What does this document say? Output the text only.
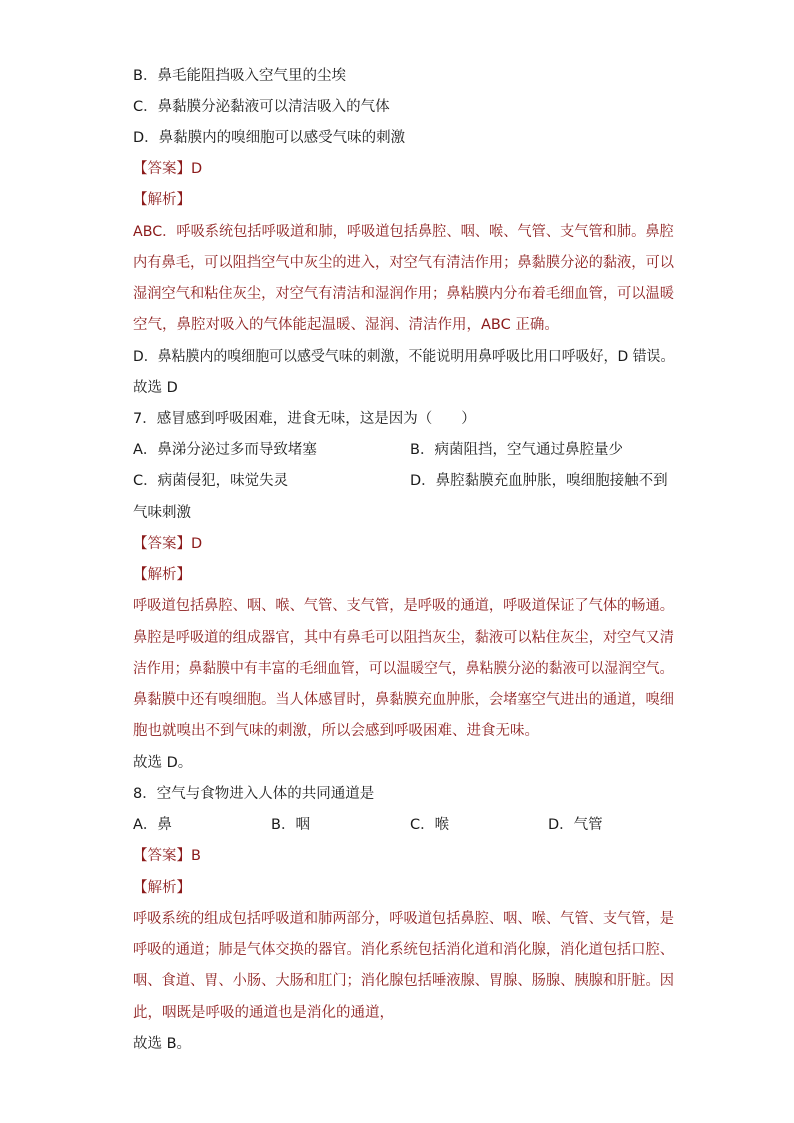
B．鼻毛能阻挡吸入空气里的尘埃
C．鼻黏膜分泌黏液可以清洁吸入的气体
D．鼻黏膜内的嗅细胞可以感受气味的刺激
【答案】D
【解析】
ABC．呼吸系统包括呼吸道和肺，呼吸道包括鼻腔、咽、喉、气管、支气管和肺。鼻腔
内有鼻毛，可以阻挡空气中灰尘的进入，对空气有清洁作用；鼻黏膜分泌的黏液，可以
湿润空气和粘住灰尘，对空气有清洁和湿润作用；鼻粘膜内分布着毛细血管，可以温暖
空气，鼻腔对吸入的气体能起温暖、湿润、清洁作用，ABC 正确。
D．鼻粘膜内的嗅细胞可以感受气味的刺激，不能说明用鼻呼吸比用口呼吸好，D 错误。
故选 D
7．感冒感到呼吸困难，进食无味，这是因为（　　）
A．鼻涕分泌过多而导致堵塞	B．病菌阻挡，空气通过鼻腔量少
C．病菌侵犯，味觉失灵	D．鼻腔黏膜充血肿胀，嗅细胞接触不到
气味刺激
【答案】D
【解析】
呼吸道包括鼻腔、咽、喉、气管、支气管，是呼吸的通道，呼吸道保证了气体的畅通。
鼻腔是呼吸道的组成器官，其中有鼻毛可以阻挡灰尘，黏液可以粘住灰尘，对空气又清
洁作用；鼻黏膜中有丰富的毛细血管，可以温暖空气，鼻粘膜分泌的黏液可以湿润空气。
鼻黏膜中还有嗅细胞。当人体感冒时，鼻黏膜充血肿胀，会堵塞空气进出的通道，嗅细
胞也就嗅出不到气味的刺激，所以会感到呼吸困难、进食无味。
故选 D。
8．空气与食物进入人体的共同通道是
A．鼻	B．咽	C．喉	D．气管
【答案】B
【解析】
呼吸系统的组成包括呼吸道和肺两部分，呼吸道包括鼻腔、咽、喉、气管、支气管，是
呼吸的通道；肺是气体交换的器官。消化系统包括消化道和消化腺，消化道包括口腔、
咽、食道、胃、小肠、大肠和肛门；消化腺包括唾液腺、胃腺、肠腺、胰腺和肝脏。因
此，咽既是呼吸的通道也是消化的通道，
故选 B。
